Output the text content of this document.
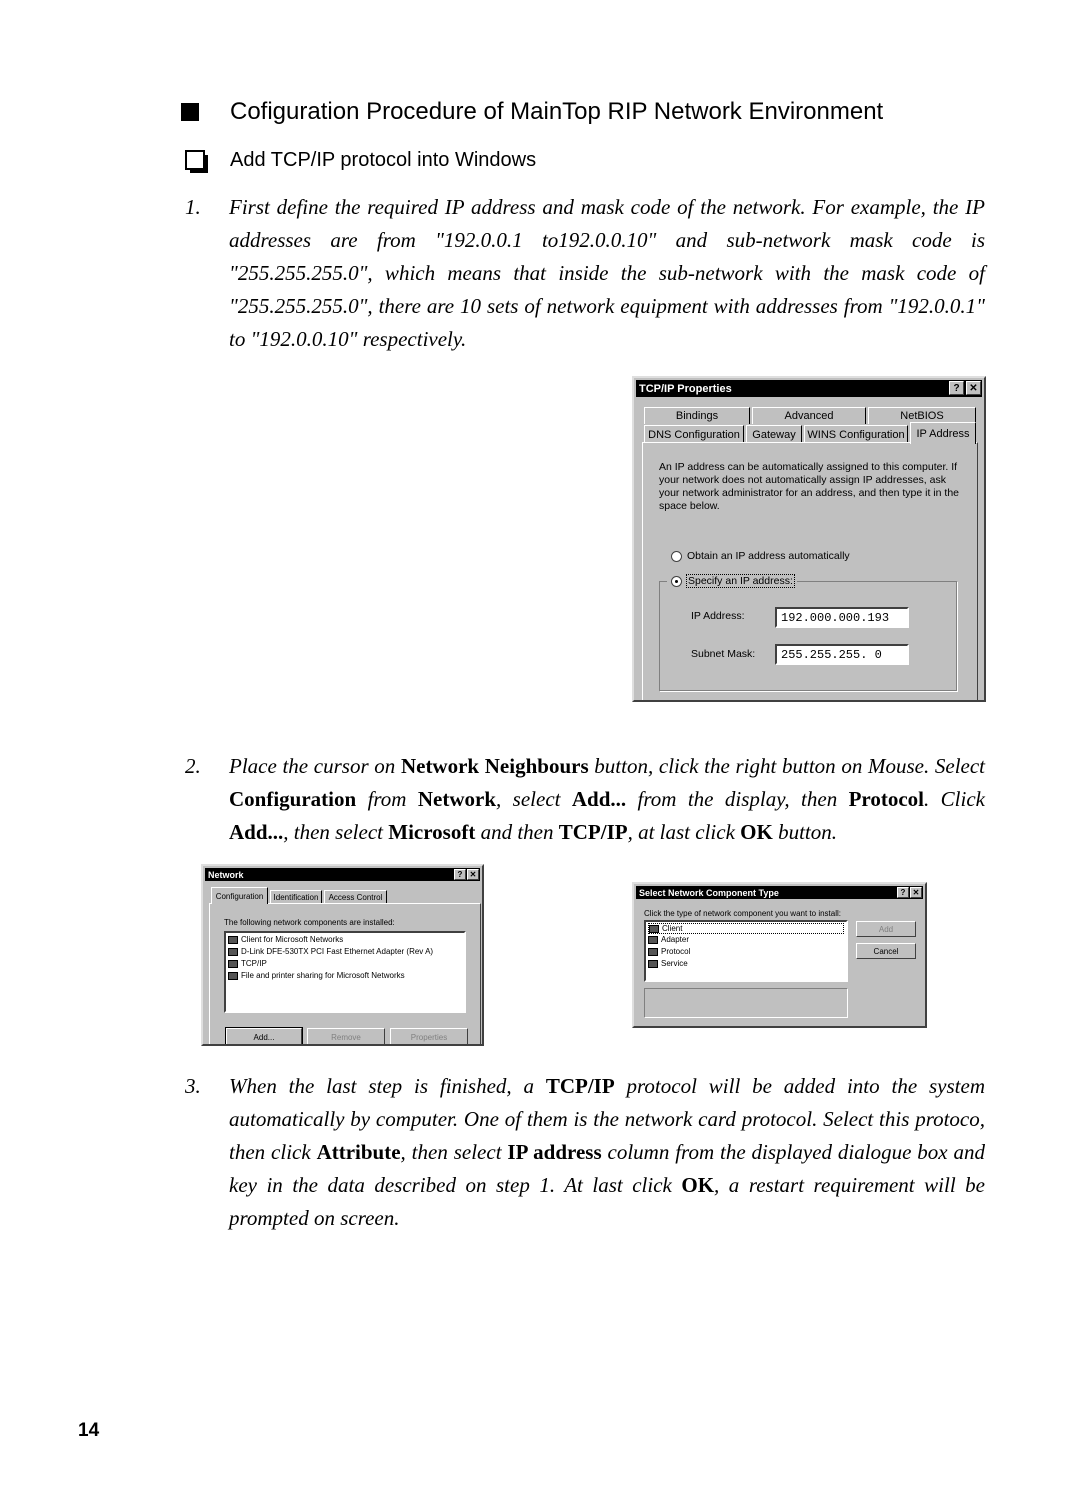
Cofiguration Procedure of MainTop RIP Network Environment
Add TCP/IP protocol into Windows
1.	First define the required IP address and mask code of the network. For example, the IP addresses are from "192.0.0.1 to192.0.0.10" and sub-network mask code is "255.255.255.0", which means that inside the sub-network with the mask code of "255.255.255.0", there are 10 sets of network equipment with addresses from "192.0.0.1" to "192.0.0.10" respectively.
TCP/IP Properties	? ✕
Bindings	Advanced	NetBIOS
DNS Configuration	Gateway	WINS Configuration	IP Address
An IP address can be automatically assigned to this computer. If your network does not automatically assign IP addresses, ask your network administrator for an address, and then type it in the space below.
Obtain an IP address automatically
Specify an IP address:
IP Address:	192.000.000.193
Subnet Mask:	255.255.255. 0
2.	Place the cursor on Network Neighbours button, click the right button on Mouse. Select Configuration from Network, select Add... from the display, then Protocol. Click Add..., then select Microsoft and then TCP/IP, at last click OK button.
Network	? ✕
Configuration	Identification	Access Control
The following network components are installed:
Client for Microsoft Networks
D-Link DFE-530TX PCI Fast Ethernet Adapter (Rev A)
TCP/IP
File and printer sharing for Microsoft Networks
Add...	Remove	Properties
Select Network Component Type	? ✕
Click the type of network component you want to install:
Client
Adapter
Protocol
Service
Add
Cancel
3.	When the last step is finished, a TCP/IP protocol will be added into the system automatically by computer. One of them is the network card protocol. Select this protoco, then click Attribute, then select IP address column from the displayed dialogue box and key in the data described on step 1. At last click OK, a restart requirement will be prompted on screen.
14
